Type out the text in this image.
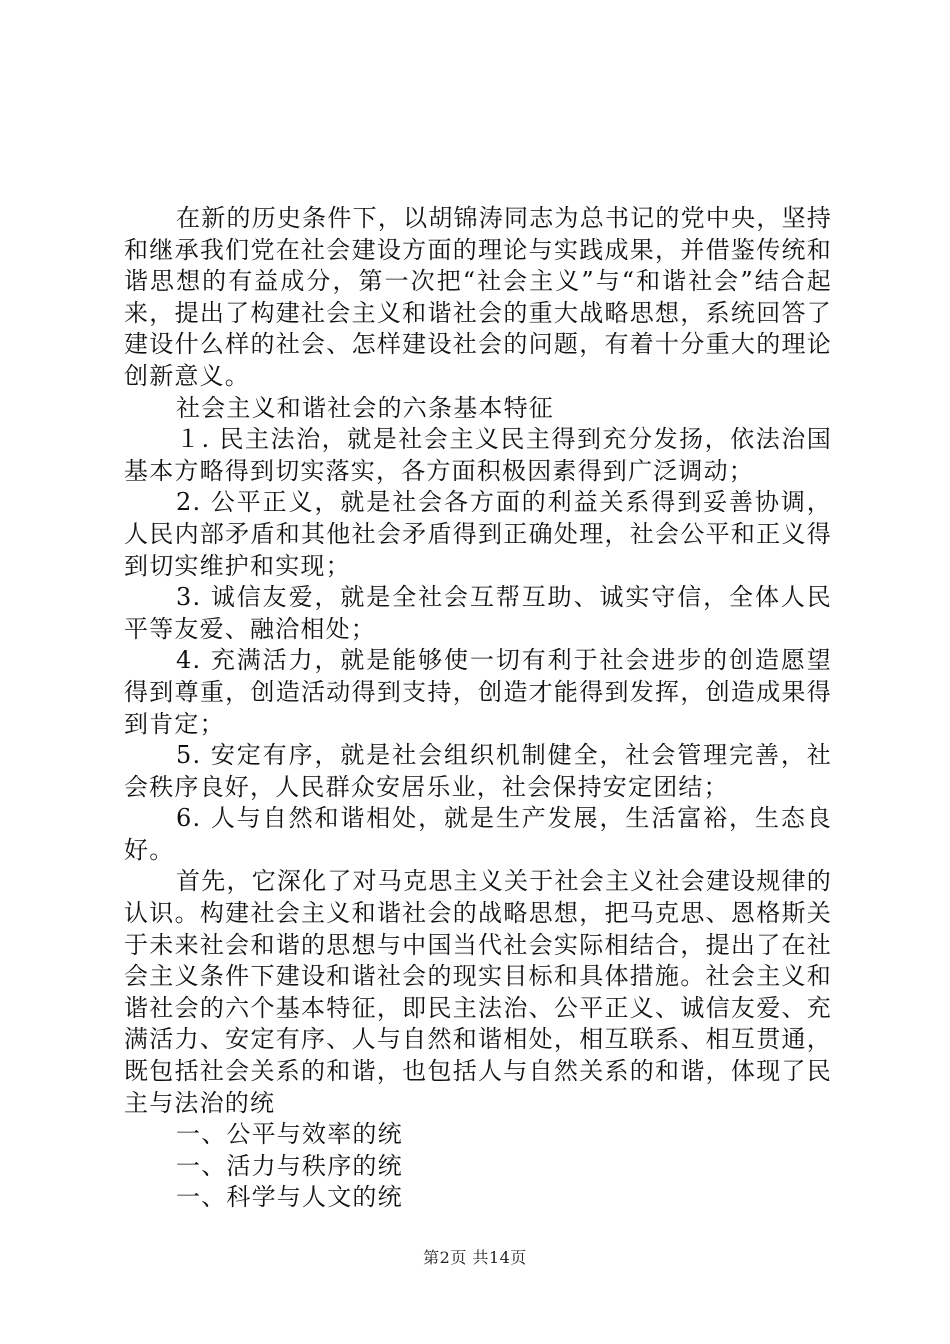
在新的历史条件下，以胡锦涛同志为总书记的党中央，坚持和继承我们党在社会建设方面的理论与实践成果，并借鉴传统和谐思想的有益成分，第一次把“社会主义”与“和谐社会”结合起来，提出了构建社会主义和谐社会的重大战略思想，系统回答了建设什么样的社会、怎样建设社会的问题，有着十分重大的理论创新意义。

社会主义和谐社会的六条基本特征

１. 民主法治，就是社会主义民主得到充分发扬，依法治国基本方略得到切实落实，各方面积极因素得到广泛调动；

2. 公平正义，就是社会各方面的利益关系得到妥善协调，人民内部矛盾和其他社会矛盾得到正确处理，社会公平和正义得到切实维护和实现；

3. 诚信友爱，就是全社会互帮互助、诚实守信，全体人民平等友爱、融洽相处；

4. 充满活力，就是能够使一切有利于社会进步的创造愿望得到尊重，创造活动得到支持，创造才能得到发挥，创造成果得到肯定；

5. 安定有序，就是社会组织机制健全，社会管理完善，社会秩序良好，人民群众安居乐业，社会保持安定团结；

6. 人与自然和谐相处，就是生产发展，生活富裕，生态良好。

首先，它深化了对马克思主义关于社会主义社会建设规律的认识。构建社会主义和谐社会的战略思想，把马克思、恩格斯关于未来社会和谐的思想与中国当代社会实际相结合，提出了在社会主义条件下建设和谐社会的现实目标和具体措施。社会主义和谐社会的六个基本特征，即民主法治、公平正义、诚信友爱、充满活力、安定有序、人与自然和谐相处，相互联系、相互贯通，既包括社会关系的和谐，也包括人与自然关系的和谐，体现了民主与法治的统

一、公平与效率的统

一、活力与秩序的统

一、科学与人文的统

第2页 共14页
